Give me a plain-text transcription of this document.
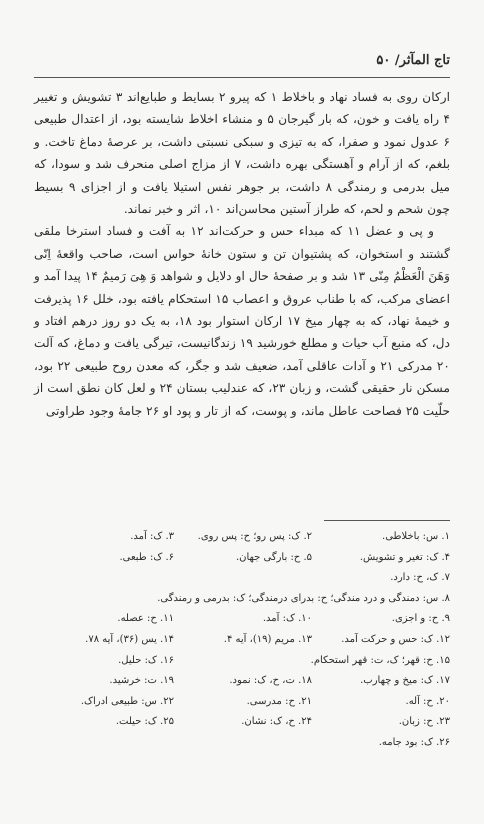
تاج المآثر/ ۵۰

ارکان روی به فساد نهاد و باخلاط ۱ که پیرو ۲ بسایط و طبایع‌اند ۳ تشویش و تغییر ۴ راه یافت و خون، که بار گیرجان ۵ و منشاء اخلاط شایسته بود، از اعتدال طبیعی ۶ عدول نمود و صفرا، که به تیزی و سبکی نسبتی داشت، بر عرصهٔ دماغ تاخت. و بلغم، که از آرام و آهستگی بهره داشت، ۷ از مزاج اصلی منحرف شد و سودا، که میل بدرمی و رمندگی ۸ داشت، بر جوهر نفس استیلا یافت و از اجزای ۹ بسیط چون شحم و لحم، که طراز آستین محاسن‌اند ۱۰، اثر و خبر نماند.

و پی و عضل ۱۱ که مبداء حس و حرکت‌اند ۱۲ به آفت و فساد استرخا ملقی گشتند و استخوان، که پشتیوان تن و ستون خانهٔ حواس است، صاحب واقعهٔ اِنّی وَهَنَ الْعَظْمُ مِنّی ۱۳ شد و بر صفحهٔ حال او دلایل و شواهد وَ هِیَ رَمیمٌ ۱۴ پیدا آمد و اعضای مرکب، که با طناب عروق و اعصاب ۱۵ استحکام یافته بود، خلل ۱۶ پذیرفت و خیمهٔ نهاد، که به چهار میخ ۱۷ ارکان استوار بود ۱۸، به یک دو روز درهم افتاد و دل، که منبع آب حیات و مطلع خورشید ۱۹ زندگانیست، تیرگی یافت و دماغ، که آلت ۲۰ مدرکی ۲۱ و آدات عاقلی آمد، ضعیف شد و جگر، که معدن روح طبیعی ۲۲ بود، مسکن نار حقیقی گشت، و زبان ۲۳، که عندلیب بستان ۲۴ و لعل کان نطق است از حلّیت ۲۵ فصاحت عاطل ماند، و پوست، که از تار و پود او ۲۶ جامهٔ وجود طراوتی

۱. س: باخلاطی.
۲. ک: پس رو؛ ح: پس روی.
۳. ک: آمد.
۴. ک: تغیر و تشویش.
۵. ح: بارگی جهان.
۶. ک: طبعی.
۷. ک، ح: دارد.
۸. س: دمندگی و درد مندگی؛ ح: بدرای درمندگی؛ ک: بدرمی و رمندگی.
۹. ح: و اجزی.
۱۰. ک: آمد.
۱۱. ح: عصله.
۱۲. ک: حس و حرکت آمد.
۱۳. مریم (۱۹)، آیه ۴.
۱۴. یس (۳۶)، آیه ۷۸.
۱۵. ح: قهر؛ ک، ت: قهر استحکام.
۱۶. ک: حلیل.
۱۷. ک: میخ و چهارب.
۱۸. ت، ح، ک: نمود.
۱۹. ت: خرشید.
۲۰. ح: آله.
۲۱. ح: مدرسی.
۲۲. س: طبیعی ادراک.
۲۳. ح: زبان.
۲۴. ح، ک: نشان.
۲۵. ک: حیلت.
۲۶. ک: بود جامه.
